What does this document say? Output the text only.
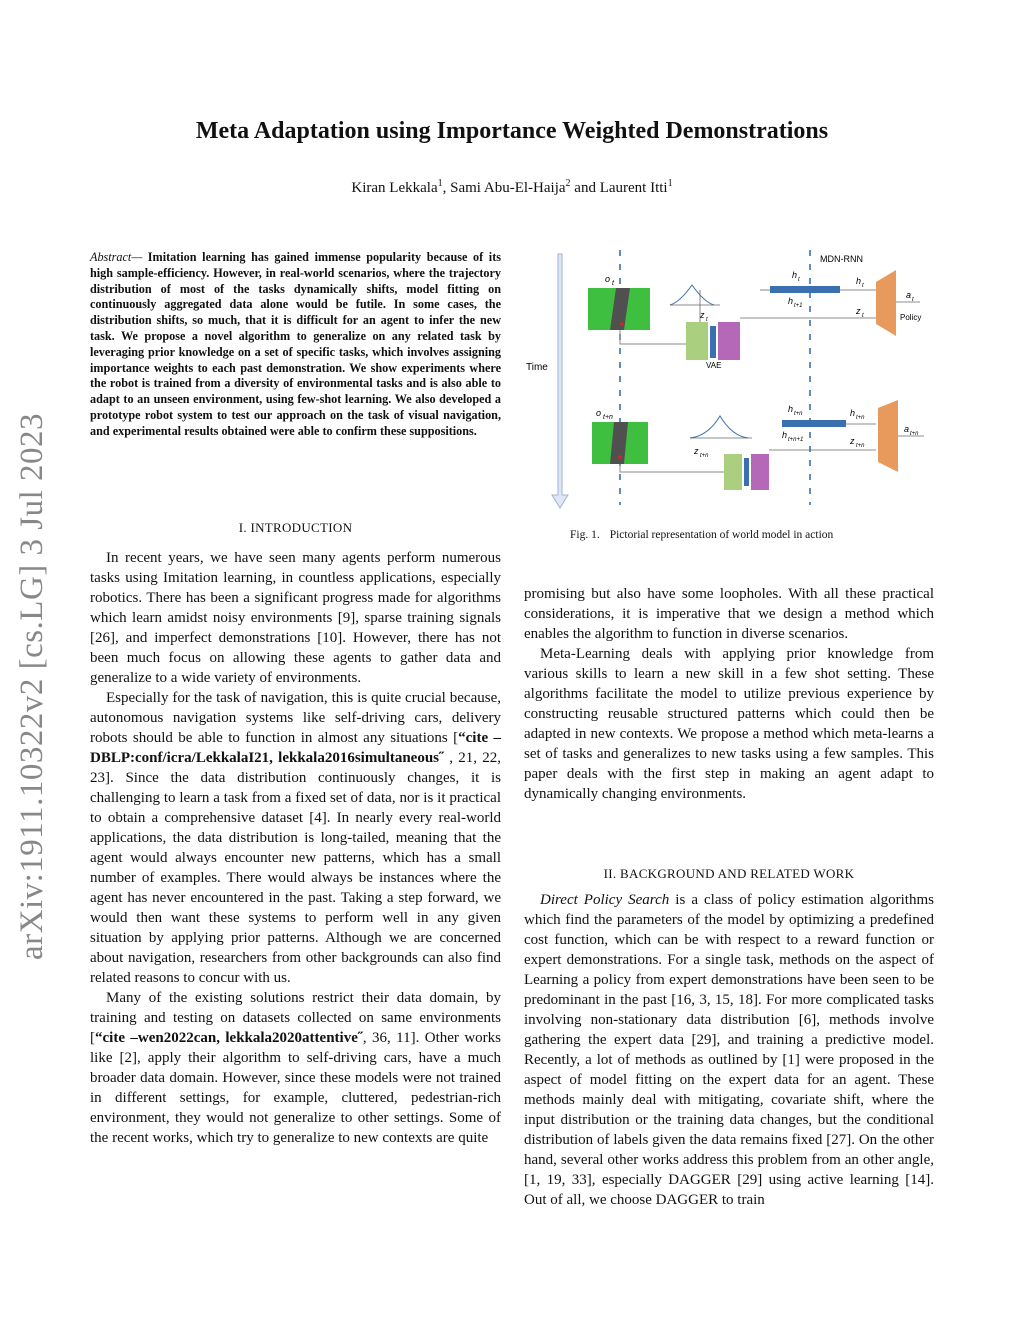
Meta Adaptation using Importance Weighted Demonstrations
Kiran Lekkala$^1$, Sami Abu-El-Haija$^2$ and Laurent Itti$^1$
arXiv:1911.10322v2 [cs.LG] 3 Jul 2023
Abstract— Imitation learning has gained immense popularity because of its high sample-efficiency. However, in real-world scenarios, where the trajectory distribution of most of the tasks dynamically shifts, model fitting on continuously aggregated data alone would be futile. In some cases, the distribution shifts, so much, that it is difficult for an agent to infer the new task. We propose a novel algorithm to generalize on any related task by leveraging prior knowledge on a set of specific tasks, which involves assigning importance weights to each past demonstration. We show experiments where the robot is trained from a diversity of environmental tasks and is also able to adapt to an unseen environment, using few-shot learning. We also developed a prototype robot system to test our approach on the task of visual navigation, and experimental results obtained were able to confirm these suppositions.
I. INTRODUCTION

In recent years, we have seen many agents perform numerous tasks using Imitation learning, in countless applications, especially robotics. There has been a significant progress made for algorithms which learn amidst noisy environments [9], sparse training signals [26], and imperfect demonstrations [10]. However, there has not been much focus on allowing these agents to gather data and generalize to a wide variety of environments.

Especially for the task of navigation, this is quite crucial because, autonomous navigation systems like self-driving cars, delivery robots should be able to function in almost any situations [“cite –DBLP:conf/icra/LekkalaI21, lekkala2016simultaneous˝ , 21, 22, 23]. Since the data distribution continuously changes, it is challenging to learn a task from a fixed set of data, nor is it practical to obtain a comprehensive dataset [4]. In nearly every real-world applications, the data distribution is long-tailed, meaning that the agent would always encounter new patterns, which has a small number of examples. There would always be instances where the agent has never encountered in the past. Taking a step forward, we would then want these systems to perform well in any given situation by applying prior patterns. Although we are concerned about navigation, researchers from other backgrounds can also find related reasons to concur with us.

Many of the existing solutions restrict their data domain, by training and testing on datasets collected on same environments [“cite –wen2022can, lekkala2020attentive˝, 36, 11]. Other works like [2], apply their algorithm to self-driving cars, have a much broader data domain. However, since these models were not trained in different settings, for example, cluttered, pedestrian-rich environment, they would not generalize to other settings. Some of the recent works, which try to generalize to new contexts are quite

Time
MDN-RNN
o t
VAE
z t
h t
h t+1
h t
z t
a t
Policy
o t+n
z t+n
h t+n
h t+n+1
h t+n
z t+n
a t+n
Fig. 1. Pictorial representation of world model in action

promising but also have some loopholes. With all these practical considerations, it is imperative that we design a method which enables the algorithm to function in diverse scenarios.

Meta-Learning deals with applying prior knowledge from various skills to learn a new skill in a few shot setting. These algorithms facilitate the model to utilize previous experience by constructing reusable structured patterns which could then be adapted in new contexts. We propose a method which meta-learns a set of tasks and generalizes to new tasks using a few samples. This paper deals with the first step in making an agent adapt to dynamically changing environments.

II. BACKGROUND AND RELATED WORK

Direct Policy Search is a class of policy estimation algorithms which find the parameters of the model by optimizing a predefined cost function, which can be with respect to a reward function or expert demonstrations. For a single task, methods on the aspect of Learning a policy from expert demonstrations have been seen to be predominant in the past [16, 3, 15, 18]. For more complicated tasks involving non-stationary data distribution [6], methods involve gathering the expert data [29], and training a predictive model. Recently, a lot of methods as outlined by [1] were proposed in the aspect of model fitting on the expert data for an agent. These methods mainly deal with mitigating, covariate shift, where the input distribution or the training data changes, but the conditional distribution of labels given the data remains fixed [27]. On the other hand, several other works address this problem from an other angle, [1, 19, 33], especially DAGGER [29] using active learning [14]. Out of all, we choose DAGGER to train
